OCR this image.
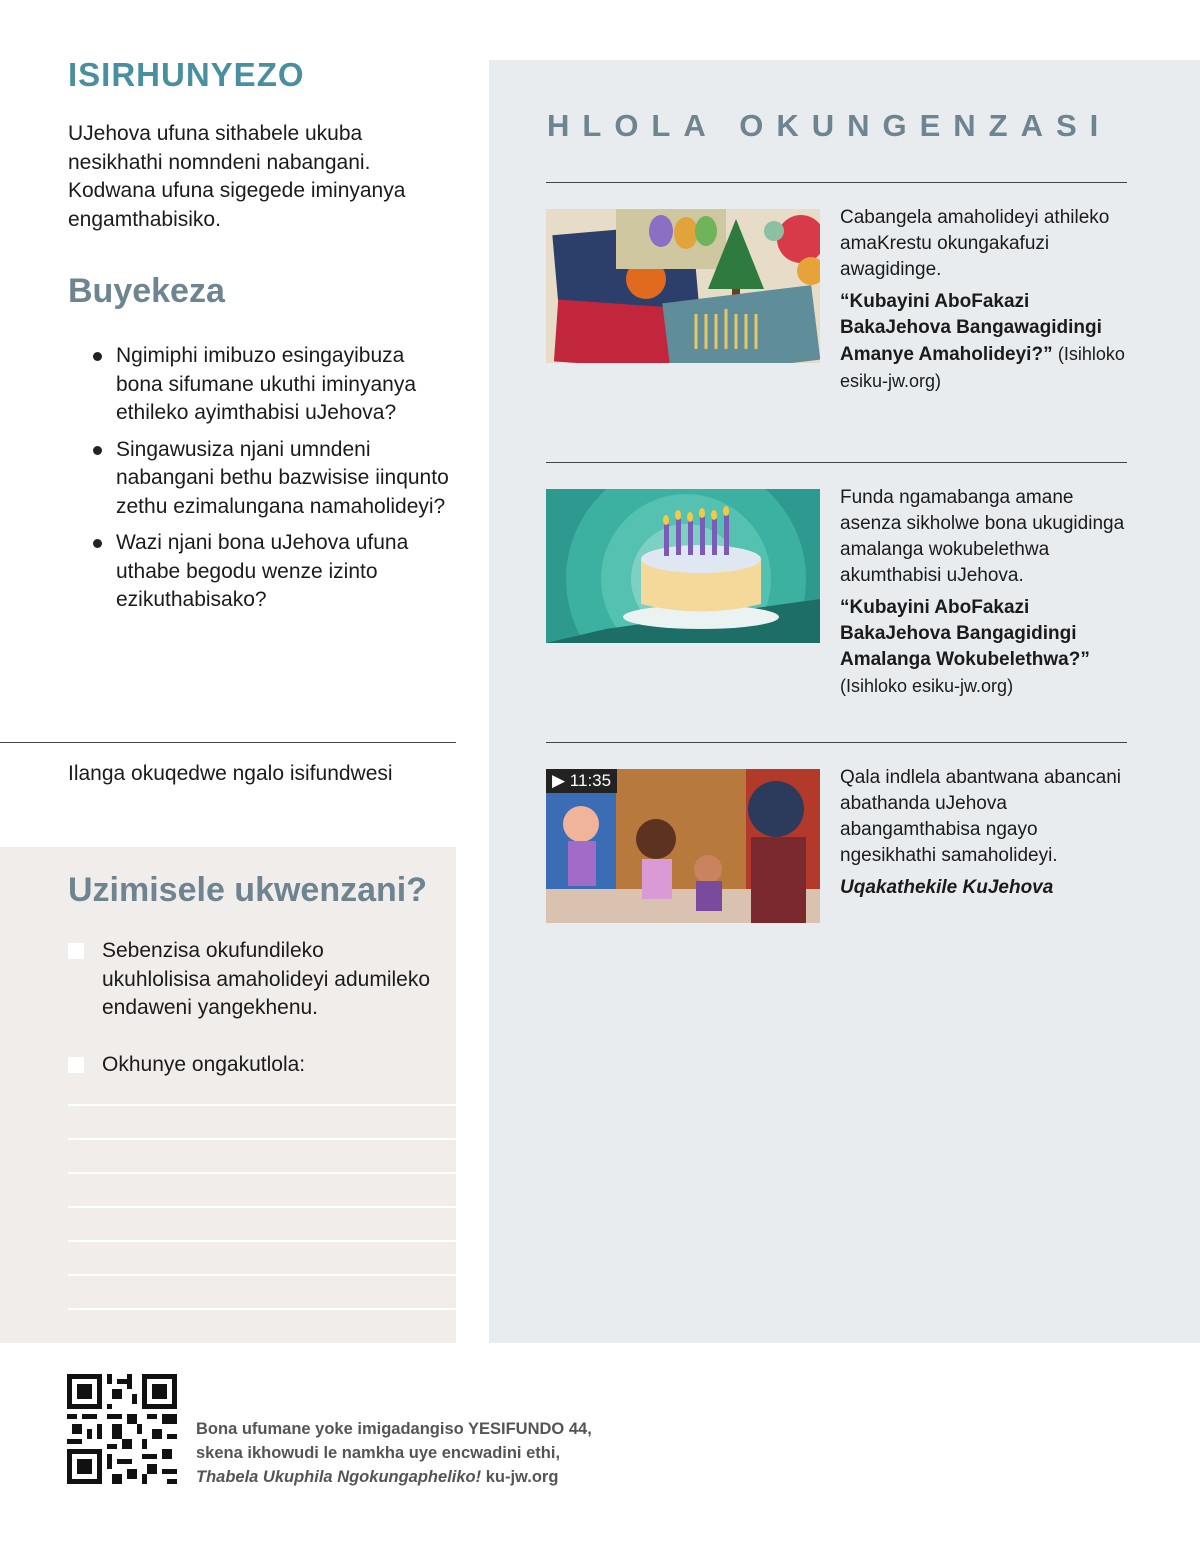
ISIRHUNYEZO

UJehova ufuna sithabele ukuba nesikhathi nomndeni nabangani. Kodwana ufuna sigegede iminyanya engamthabisiko.

Buyekeza
Ngimiphi imibuzo esingayibuza bona sifumane ukuthi iminyanya ethileko ayimthabisi uJehova?
Singawusiza njani umndeni nabangani bethu bazwisise iinqunto zethu ezimalungana namaholideyi?
Wazi njani bona uJehova ufuna uthabe begodu wenze izinto ezikuthabisako?

Ilanga okuqedwe ngalo isifundwesi

Uzimisele ukwenzani?
Sebenzisa okufundileko ukuhlolisisa amaholideyi adumileko endaweni yangekhenu.
Okhunye ongakutlola:
HLOLA OKUNGENZASI

Cabangela amaholideyi athileko amaKrestu okungakafuzi awagidinge.

“Kubayini AboFakazi BakaJehova Bangawagidingi Amanye Amaholideyi?” (Isihloko esiku-jw.org)

Funda ngamabanga amane asenza sikholwe bona ukugidinga amalanga wokubelethwa akumthabisi uJehova.

“Kubayini AboFakazi BakaJehova Bangagidingi Amalanga Wokubelethwa?” (Isihloko esiku-jw.org)

▶ 11:35	Qala indlela abantwana abancani abathanda uJehova abangamthabisa ngayo ngesikhathi samaholideyi.

Uqakathekile KuJehova

Bona ufumane yoke imigadangiso YESIFUNDO 44,
skena ikhowudi le namkha uye encwadini ethi,
Thabela Ukuphila Ngokungapheliko! ku-jw.org
